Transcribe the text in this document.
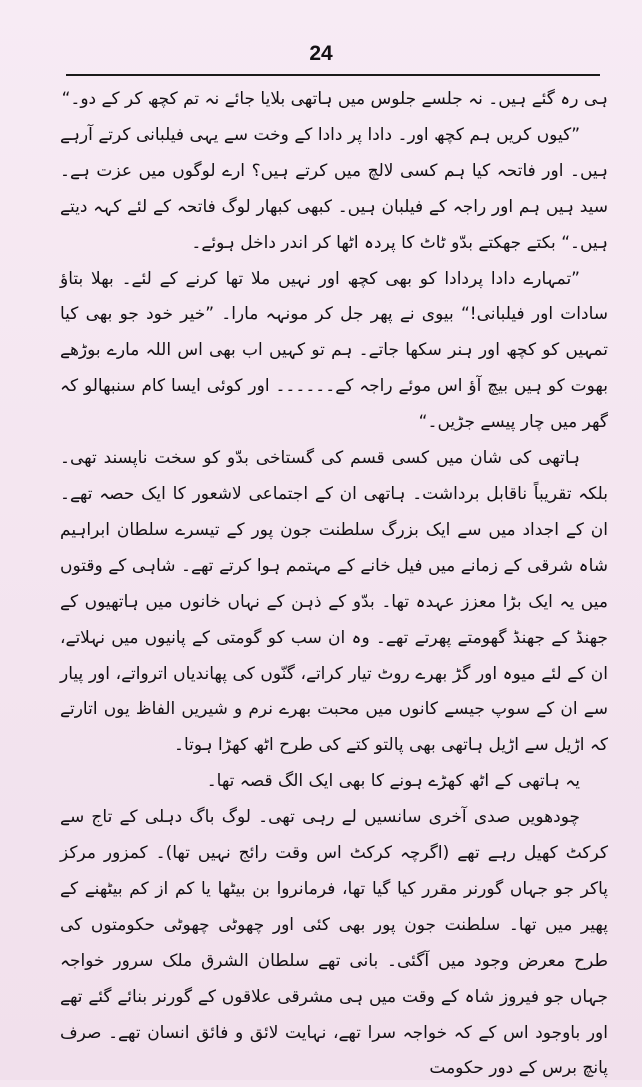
24

ہی رہ گئے ہیں۔ نہ جلسے جلوس میں ہاتھی بلایا جائے نہ تم کچھ کر کے دو۔“

”کیوں کریں ہم کچھ اور۔ دادا پر دادا کے وخت سے یہی فیلبانی کرتے آرہے ہیں۔ اور فاتحہ کیا ہم کسی لالچ میں کرتے ہیں؟ ارے لوگوں میں عزت ہے۔ سید ہیں ہم اور راجہ کے فیلبان ہیں۔ کبھی کبھار لوگ فاتحہ کے لئے کہہ دیتے ہیں۔“ بکتے جھکتے بدّو ٹاٹ کا پردہ اٹھا کر اندر داخل ہوئے۔

”تمہارے دادا پردادا کو بھی کچھ اور نہیں ملا تھا کرنے کے لئے۔ بھلا بتاؤ سادات اور فیلبانی!“ بیوی نے پھر جل کر مونہہ مارا۔ ”خیر خود جو بھی کیا تمہیں کو کچھ اور ہنر سکھا جاتے۔ ہم تو کہیں اب بھی اس اللہ مارے بوڑھے بھوت کو ہیں بیچ آؤ اس موئے راجہ کے۔۔۔۔۔۔ اور کوئی ایسا کام سنبھالو کہ گھر میں چار پیسے جڑیں۔“

ہاتھی کی شان میں کسی قسم کی گستاخی بدّو کو سخت ناپسند تھی۔ بلکہ تقریباً ناقابل برداشت۔ ہاتھی ان کے اجتماعی لاشعور کا ایک حصہ تھے۔ ان کے اجداد میں سے ایک بزرگ سلطنت جون پور کے تیسرے سلطان ابراہیم شاہ شرقی کے زمانے میں فیل خانے کے مہتمم ہوا کرتے تھے۔ شاہی کے وقتوں میں یہ ایک بڑا معزز عہدہ تھا۔ بدّو کے ذہن کے نہاں خانوں میں ہاتھیوں کے جھنڈ کے جھنڈ گھومتے پھرتے تھے۔ وہ ان سب کو گومتی کے پانیوں میں نہلاتے، ان کے لئے میوہ اور گڑ بھرے روٹ تیار کراتے، گنّوں کی پھاندیاں اترواتے، اور پیار سے ان کے سوپ جیسے کانوں میں محبت بھرے نرم و شیریں الفاظ یوں اتارتے کہ اڑیل سے اڑیل ہاتھی بھی پالتو کتے کی طرح اٹھ کھڑا ہوتا۔

یہ ہاتھی کے اٹھ کھڑے ہونے کا بھی ایک الگ قصہ تھا۔

چودھویں صدی آخری سانسیں لے رہی تھی۔ لوگ باگ دہلی کے تاج سے کرکٹ کھیل رہے تھے (اگرچہ کرکٹ اس وقت رائج نہیں تھا)۔ کمزور مرکز پاکر جو جہاں گورنر مقرر کیا گیا تھا، فرمانروا بن بیٹھا یا کم از کم بیٹھنے کے پھیر میں تھا۔ سلطنت جون پور بھی کئی اور چھوٹی چھوٹی حکومتوں کی طرح معرض وجود میں آگئی۔ بانی تھے سلطان الشرق ملک سرور خواجہ جہاں جو فیروز شاہ کے وقت میں ہی مشرقی علاقوں کے گورنر بنائے گئے تھے اور باوجود اس کے کہ خواجہ سرا تھے، نہایت لائق و فائق انسان تھے۔ صرف پانچ برس کے دور حکومت
